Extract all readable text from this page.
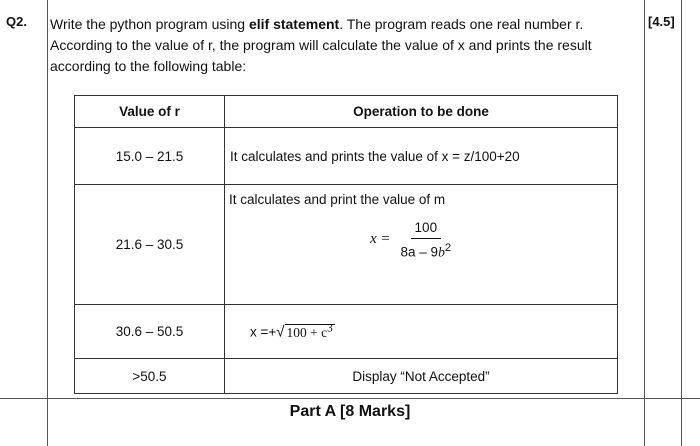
Q2. Write the python program using elif statement. The program reads one real number r. According to the value of r, the program will calculate the value of x and prints the result according to the following table:
[4.5]
Value of r	Operation to be done
15.0 – 21.5	It calculates and prints the value of x = z/100+20
21.6 – 30.5	It calculates and print the value of m
$x = \frac{100}{8a - 9b^2}$

30.6 – 50.5	x =+√ $100 + c^3$
>50.5	Display “Not Accepted”
Part A [8 Marks]
